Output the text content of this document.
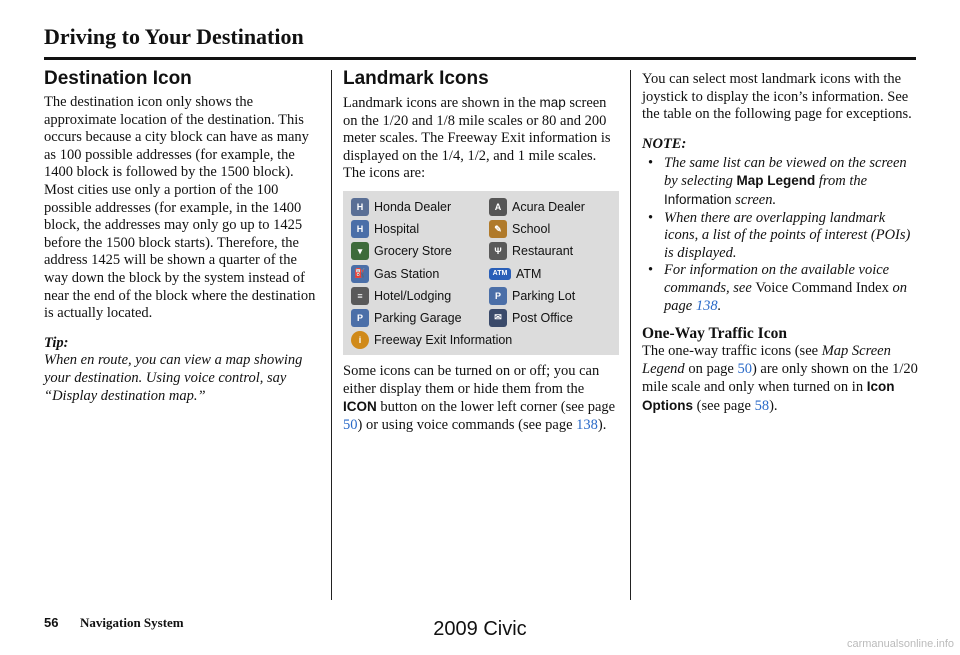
Driving to Your Destination
Destination Icon

The destination icon only shows the approximate location of the destination. This occurs because a city block can have as many as 100 possible addresses (for example, the 1400 block is followed by the 1500 block). Most cities use only a portion of the 100 possible addresses (for example, in the 1400 block, the addresses may only go up to 1425 before the 1500 block starts). Therefore, the address 1425 will be shown a quarter of the way down the block by the system instead of near the end of the block where the destination is actually located.

Tip:
When en route, you can view a map showing your destination. Using voice control, say “Display destination map.”

Landmark Icons

Landmark icons are shown in the map screen on the 1/20 and 1/8 mile scales or 80 and 200 meter scales. The Freeway Exit information is displayed on the 1/4, 1/2, and 1 mile scales. The icons are:

H Honda Dealer	A Acura Dealer
H Hospital	✎ School
▾ Grocery Store	Ψ Restaurant
⛽ Gas Station	ATM ATM
≡ Hotel/Lodging	P Parking Lot
P Parking Garage	✉ Post Office
i	Freeway Exit Information

Some icons can be turned on or off; you can either display them or hide them from the ICON button on the lower left corner (see page 50) or using voice commands (see page 138).

You can select most landmark icons with the joystick to display the icon’s information. See the table on the following page for exceptions.

NOTE:
• The same list can be viewed on the screen by selecting Map Legend from the Information screen.
• When there are overlapping landmark icons, a list of the points of interest (POIs) is displayed.
• For information on the available voice commands, see Voice Command Index on page 138.
One-Way Traffic Icon

The one-way traffic icons (see Map Screen Legend on page 50) are only shown on the 1/20 mile scale and only when turned on in Icon Options (see page 58).

56 Navigation System	2009 Civic
carmanualsonline.info
